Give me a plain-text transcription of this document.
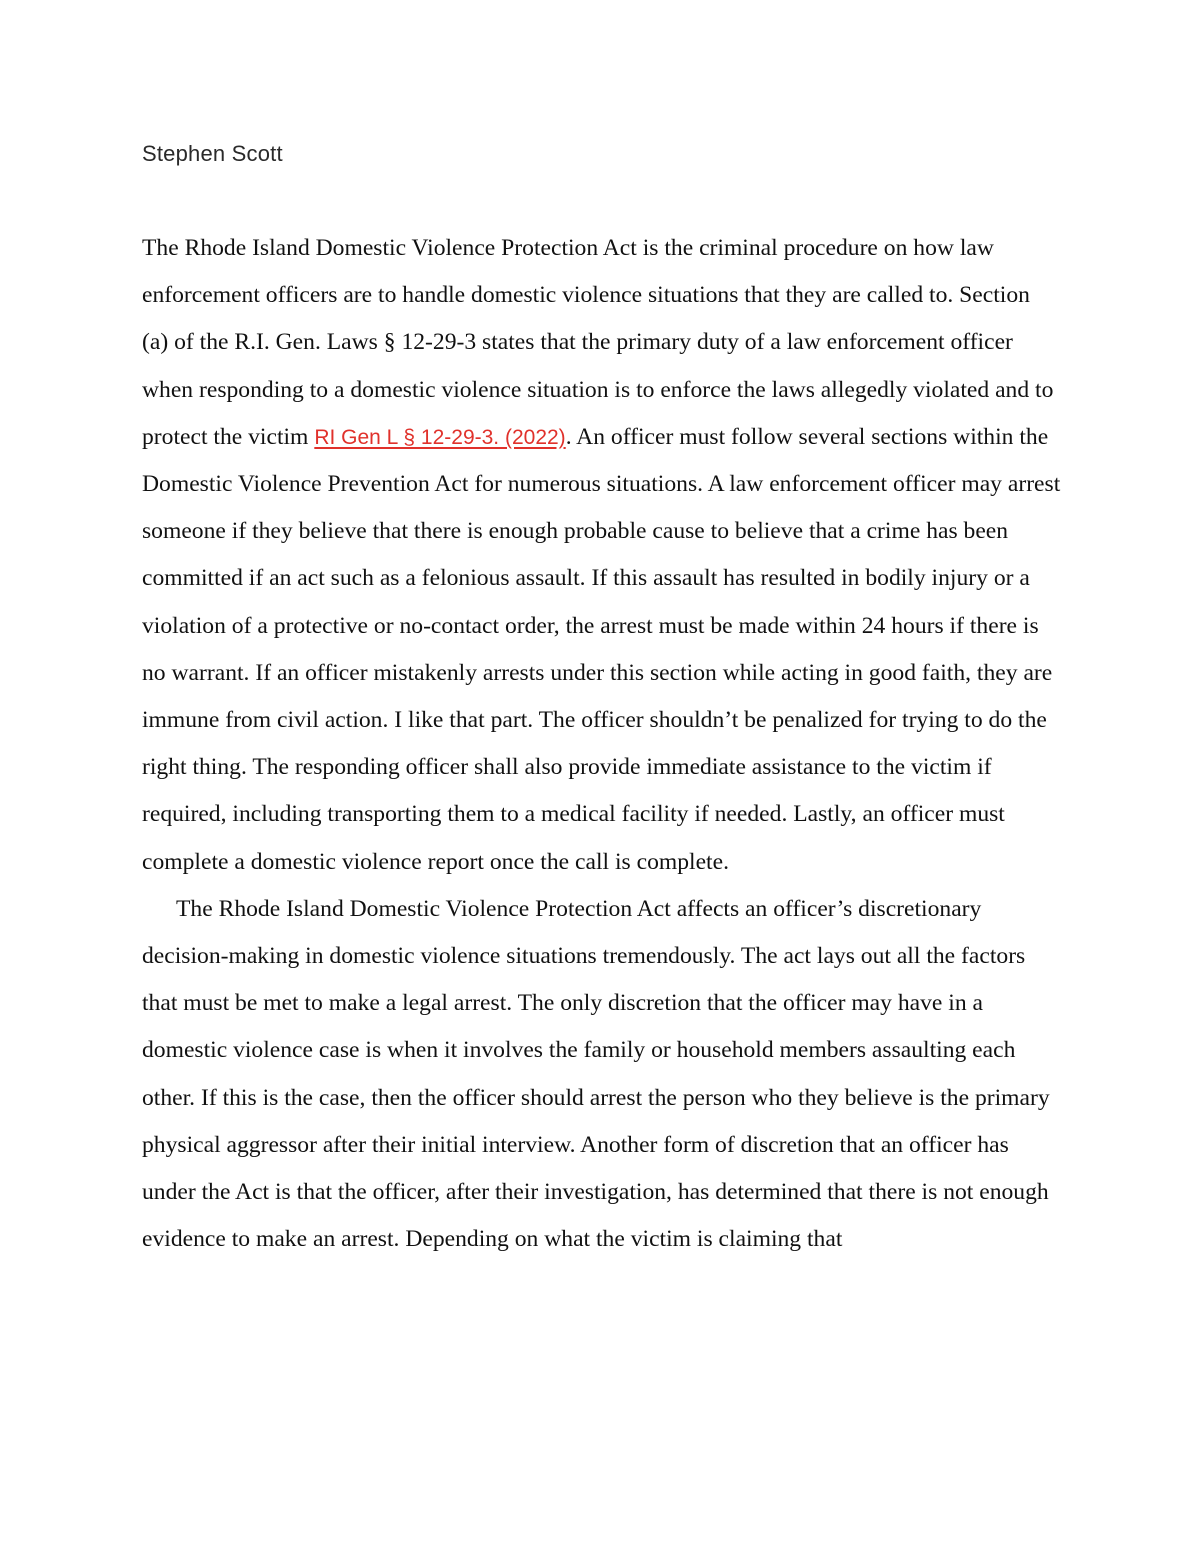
Stephen Scott

The Rhode Island Domestic Violence Protection Act is the criminal procedure on how law enforcement officers are to handle domestic violence situations that they are called to. Section (a) of the R.I. Gen. Laws § 12-29-3 states that the primary duty of a law enforcement officer when responding to a domestic violence situation is to enforce the laws allegedly violated and to protect the victim RI Gen L § 12-29-3. (2022). An officer must follow several sections within the Domestic Violence Prevention Act for numerous situations. A law enforcement officer may arrest someone if they believe that there is enough probable cause to believe that a crime has been committed if an act such as a felonious assault. If this assault has resulted in bodily injury or a violation of a protective or no-contact order, the arrest must be made within 24 hours if there is no warrant. If an officer mistakenly arrests under this section while acting in good faith, they are immune from civil action. I like that part. The officer shouldn’t be penalized for trying to do the right thing. The responding officer shall also provide immediate assistance to the victim if required, including transporting them to a medical facility if needed. Lastly, an officer must complete a domestic violence report once the call is complete.

The Rhode Island Domestic Violence Protection Act affects an officer’s discretionary decision-making in domestic violence situations tremendously. The act lays out all the factors that must be met to make a legal arrest. The only discretion that the officer may have in a domestic violence case is when it involves the family or household members assaulting each other. If this is the case, then the officer should arrest the person who they believe is the primary physical aggressor after their initial interview. Another form of discretion that an officer has under the Act is that the officer, after their investigation, has determined that there is not enough evidence to make an arrest. Depending on what the victim is claiming that
